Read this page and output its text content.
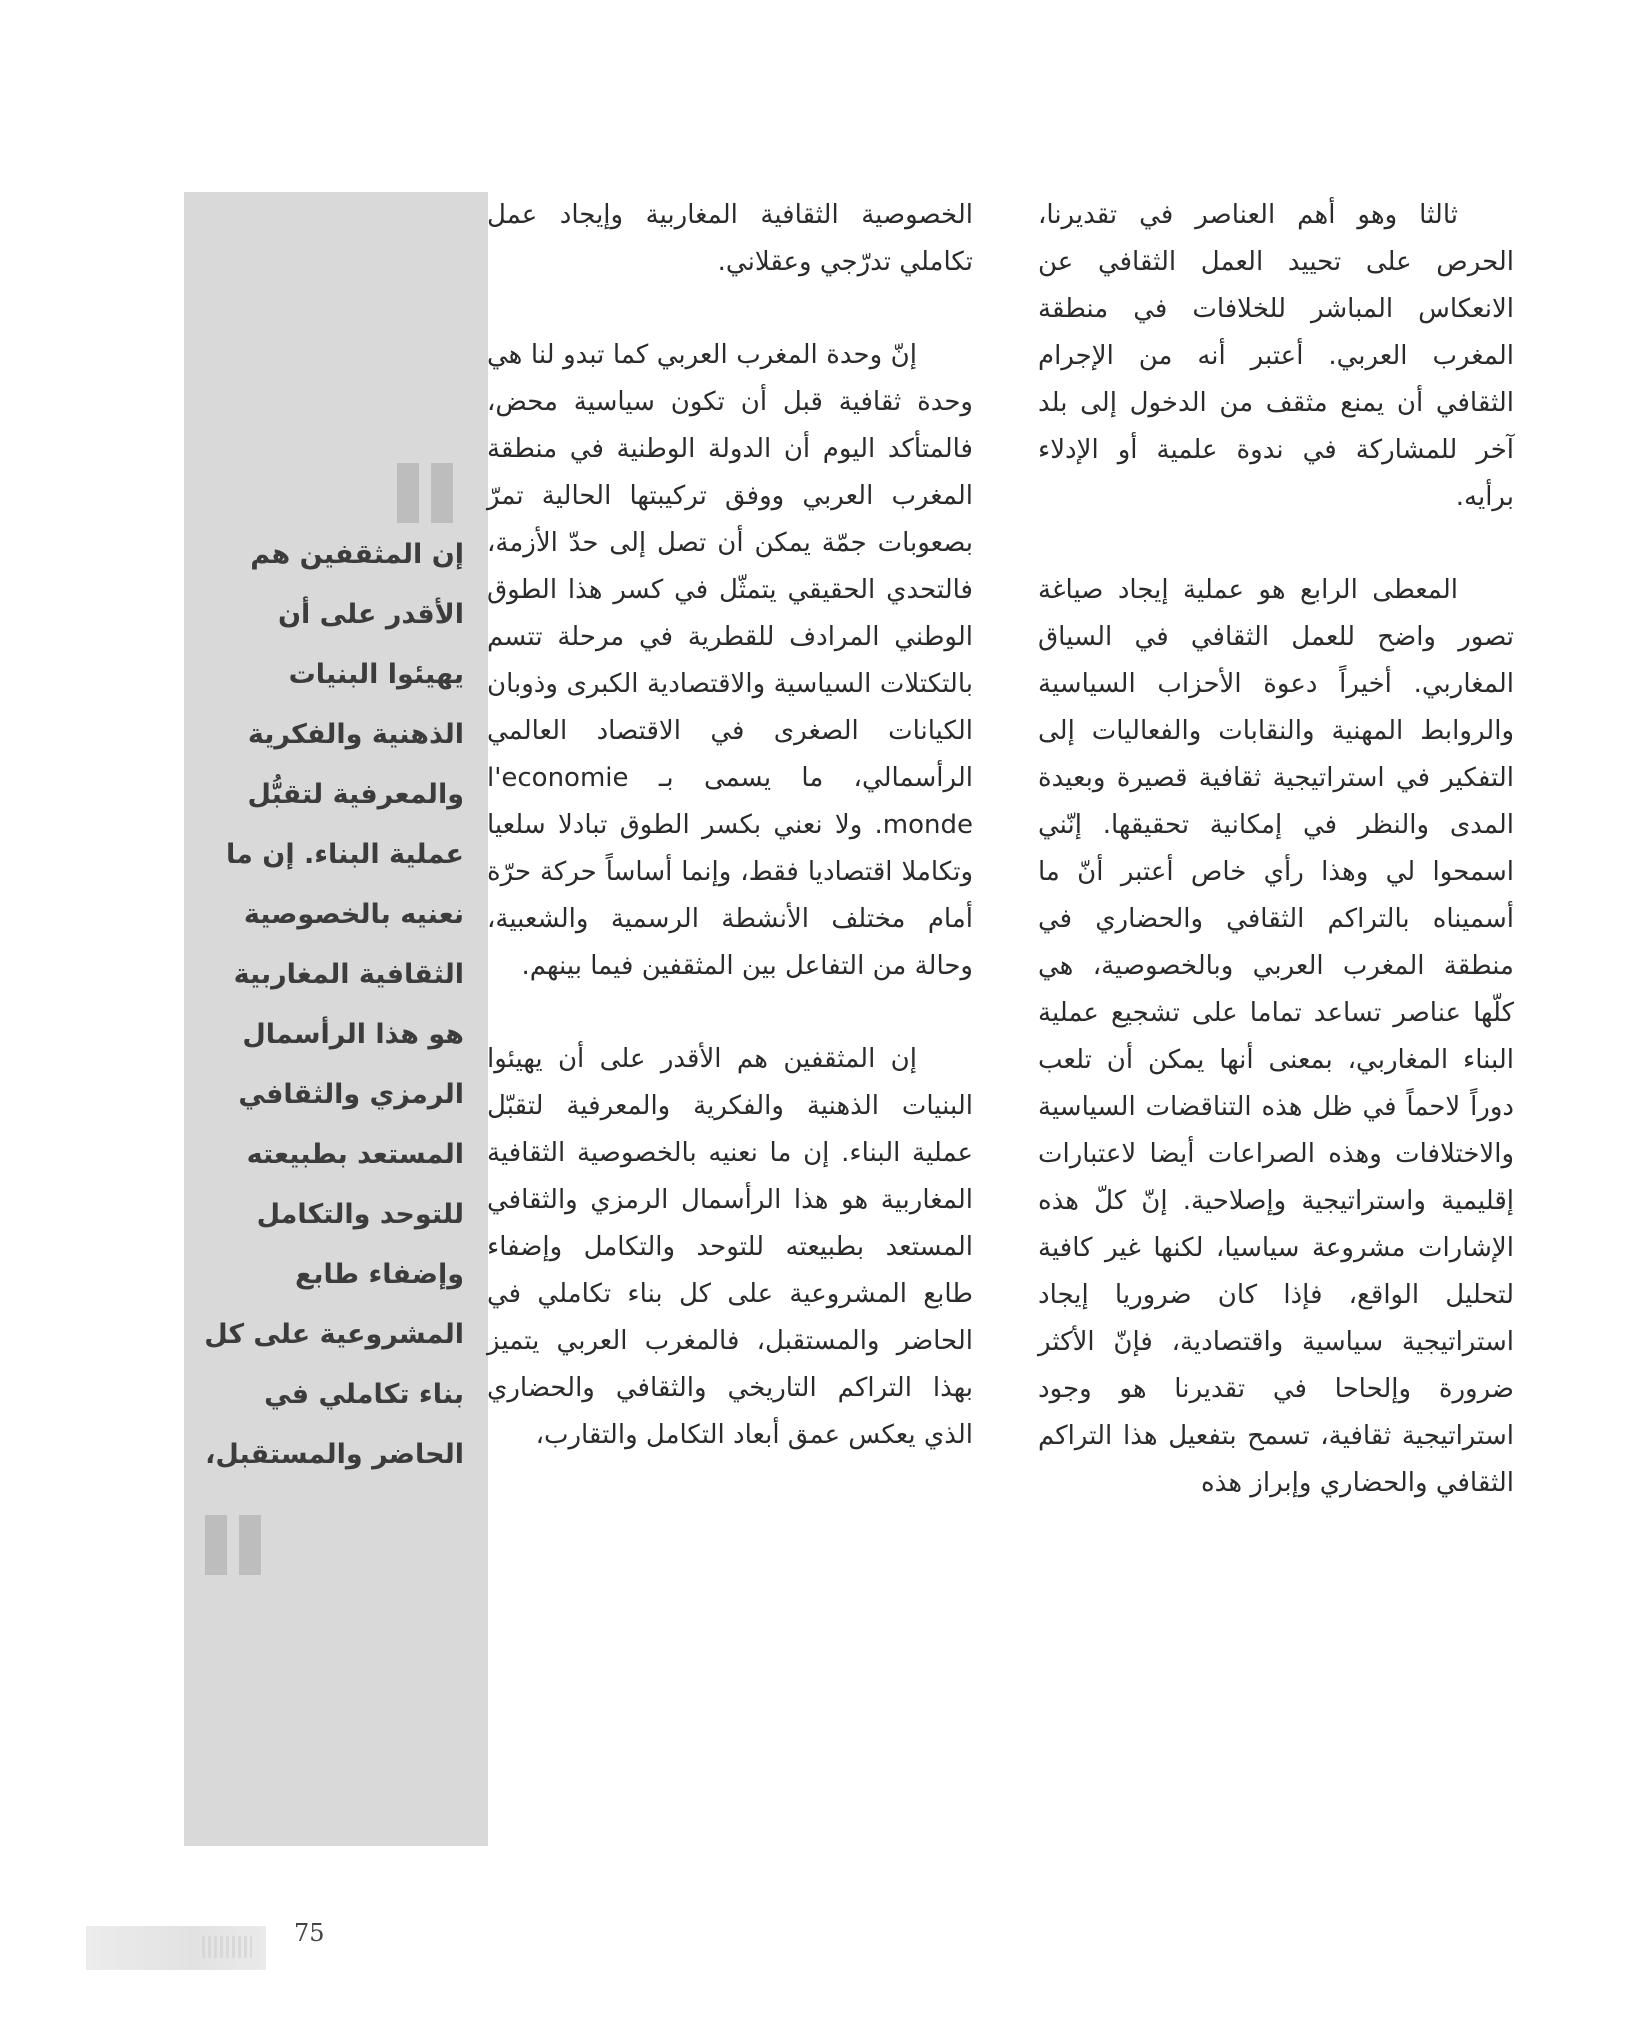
إن المثقفين هم
الأقدر على أن
يهيئوا البنيات
الذهنية والفكرية
والمعرفية لتقبُّل
عملية البناء. إن ما
نعنيه بالخصوصية
الثقافية المغاربية
هو هذا الرأسمال
الرمزي والثقافي
المستعد بطبيعته
للتوحد والتكامل
وإضفاء طابع
المشروعية على كل
بناء تكاملي في
الحاضر والمستقبل،

ثالثا وهو أهم العناصر في تقديرنا، الحرص على تحييد العمل الثقافي عن الانعكاس المباشر للخلافات في منطقة المغرب العربي. أعتبر أنه من الإجرام الثقافي أن يمنع مثقف من الدخول إلى بلد آخر للمشاركة في ندوة علمية أو الإدلاء برأيه.

المعطى الرابع هو عملية إيجاد صياغة تصور واضح للعمل الثقافي في السياق المغاربي. أخيراً دعوة الأحزاب السياسية والروابط المهنية والنقابات والفعاليات إلى التفكير في استراتيجية ثقافية قصيرة وبعيدة المدى والنظر في إمكانية تحقيقها. إنّني اسمحوا لي وهذا رأي خاص أعتبر أنّ ما أسميناه بالتراكم الثقافي والحضاري في منطقة المغرب العربي وبالخصوصية، هي كلّها عناصر تساعد تماما على تشجيع عملية البناء المغاربي، بمعنى أنها يمكن أن تلعب دوراً لاحماً في ظل هذه التناقضات السياسية والاختلافات وهذه الصراعات أيضا لاعتبارات إقليمية واستراتيجية وإصلاحية. إنّ كلّ هذه الإشارات مشروعة سياسيا، لكنها غير كافية لتحليل الواقع، فإذا كان ضروريا إيجاد استراتيجية سياسية واقتصادية، فإنّ الأكثر ضرورة وإلحاحا في تقديرنا هو وجود استراتيجية ثقافية، تسمح بتفعيل هذا التراكم الثقافي والحضاري وإبراز هذه

الخصوصية الثقافية المغاربية وإيجاد عمل تكاملي تدرّجي وعقلاني.

إنّ وحدة المغرب العربي كما تبدو لنا هي وحدة ثقافية قبل أن تكون سياسية محض، فالمتأكد اليوم أن الدولة الوطنية في منطقة المغرب العربي ووفق تركيبتها الحالية تمرّ بصعوبات جمّة يمكن أن تصل إلى حدّ الأزمة، فالتحدي الحقيقي يتمثّل في كسر هذا الطوق الوطني المرادف للقطرية في مرحلة تتسم بالتكتلات السياسية والاقتصادية الكبرى وذوبان الكيانات الصغرى في الاقتصاد العالمي الرأسمالي، ما يسمى بـ l'economie monde. ولا نعني بكسر الطوق تبادلا سلعيا وتكاملا اقتصاديا فقط، وإنما أساساً حركة حرّة أمام مختلف الأنشطة الرسمية والشعبية، وحالة من التفاعل بين المثقفين فيما بينهم.

إن المثقفين هم الأقدر على أن يهيئوا البنيات الذهنية والفكرية والمعرفية لتقبّل عملية البناء. إن ما نعنيه بالخصوصية الثقافية المغاربية هو هذا الرأسمال الرمزي والثقافي المستعد بطبيعته للتوحد والتكامل وإضفاء طابع المشروعية على كل بناء تكاملي في الحاضر والمستقبل، فالمغرب العربي يتميز بهذا التراكم التاريخي والثقافي والحضاري الذي يعكس عمق أبعاد التكامل والتقارب،

75
